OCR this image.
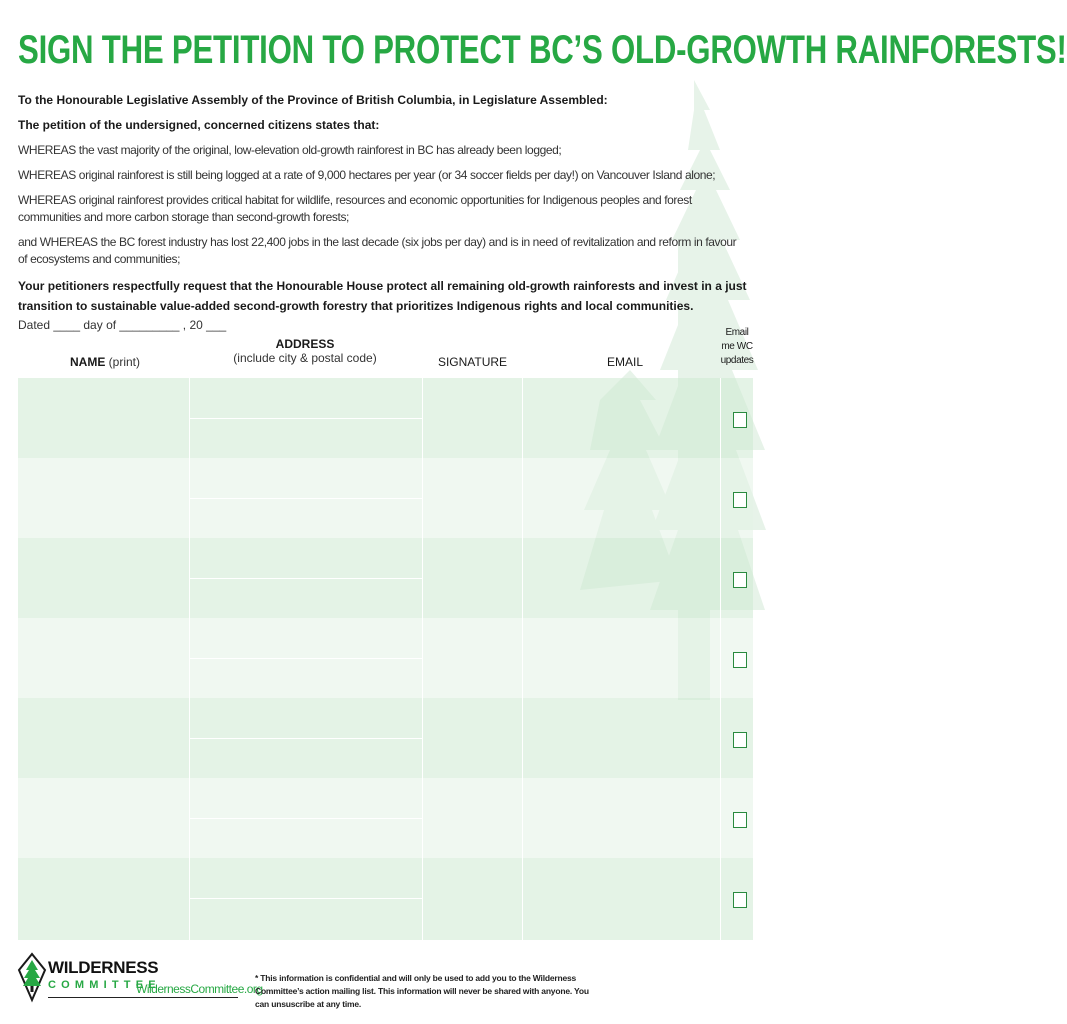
SIGN THE PETITION TO PROTECT BC’S OLD-GROWTH RAINFORESTS!

To the Honourable Legislative Assembly of the Province of British Columbia, in Legislature Assembled:

The petition of the undersigned, concerned citizens states that:

WHEREAS the vast majority of the original, low-elevation old-growth rainforest in BC has already been logged;

WHEREAS original rainforest is still being logged at a rate of 9,000 hectares per year (or 34 soccer fields per day!) on Vancouver Island alone;

WHEREAS original rainforest provides critical habitat for wildlife, resources and economic opportunities for Indigenous peoples and forest communities and more carbon storage than second-growth forests;

and WHEREAS the BC forest industry has lost 22,400 jobs in the last decade (six jobs per day) and is in need of revitalization and reform in favour of ecosystems and communities;

Your petitioners respectfully request that the Honourable House protect all remaining old-growth rainforests and invest in a just transition to sustainable value-added second-growth forestry that prioritizes Indigenous rights and local communities.

Dated ____ day of _________ , 20 ___
NAME (print)
ADDRESS
(include city & postal code)	SIGNATURE	EMAIL
Email
me WC
updates
WILDERNESS
COMMITTEE
WildernessCommittee.org
* This information is confidential and will only be used to add you to the Wilderness Committee’s action mailing list. This information will never be shared with anyone. You can unsuscribe at any time.
